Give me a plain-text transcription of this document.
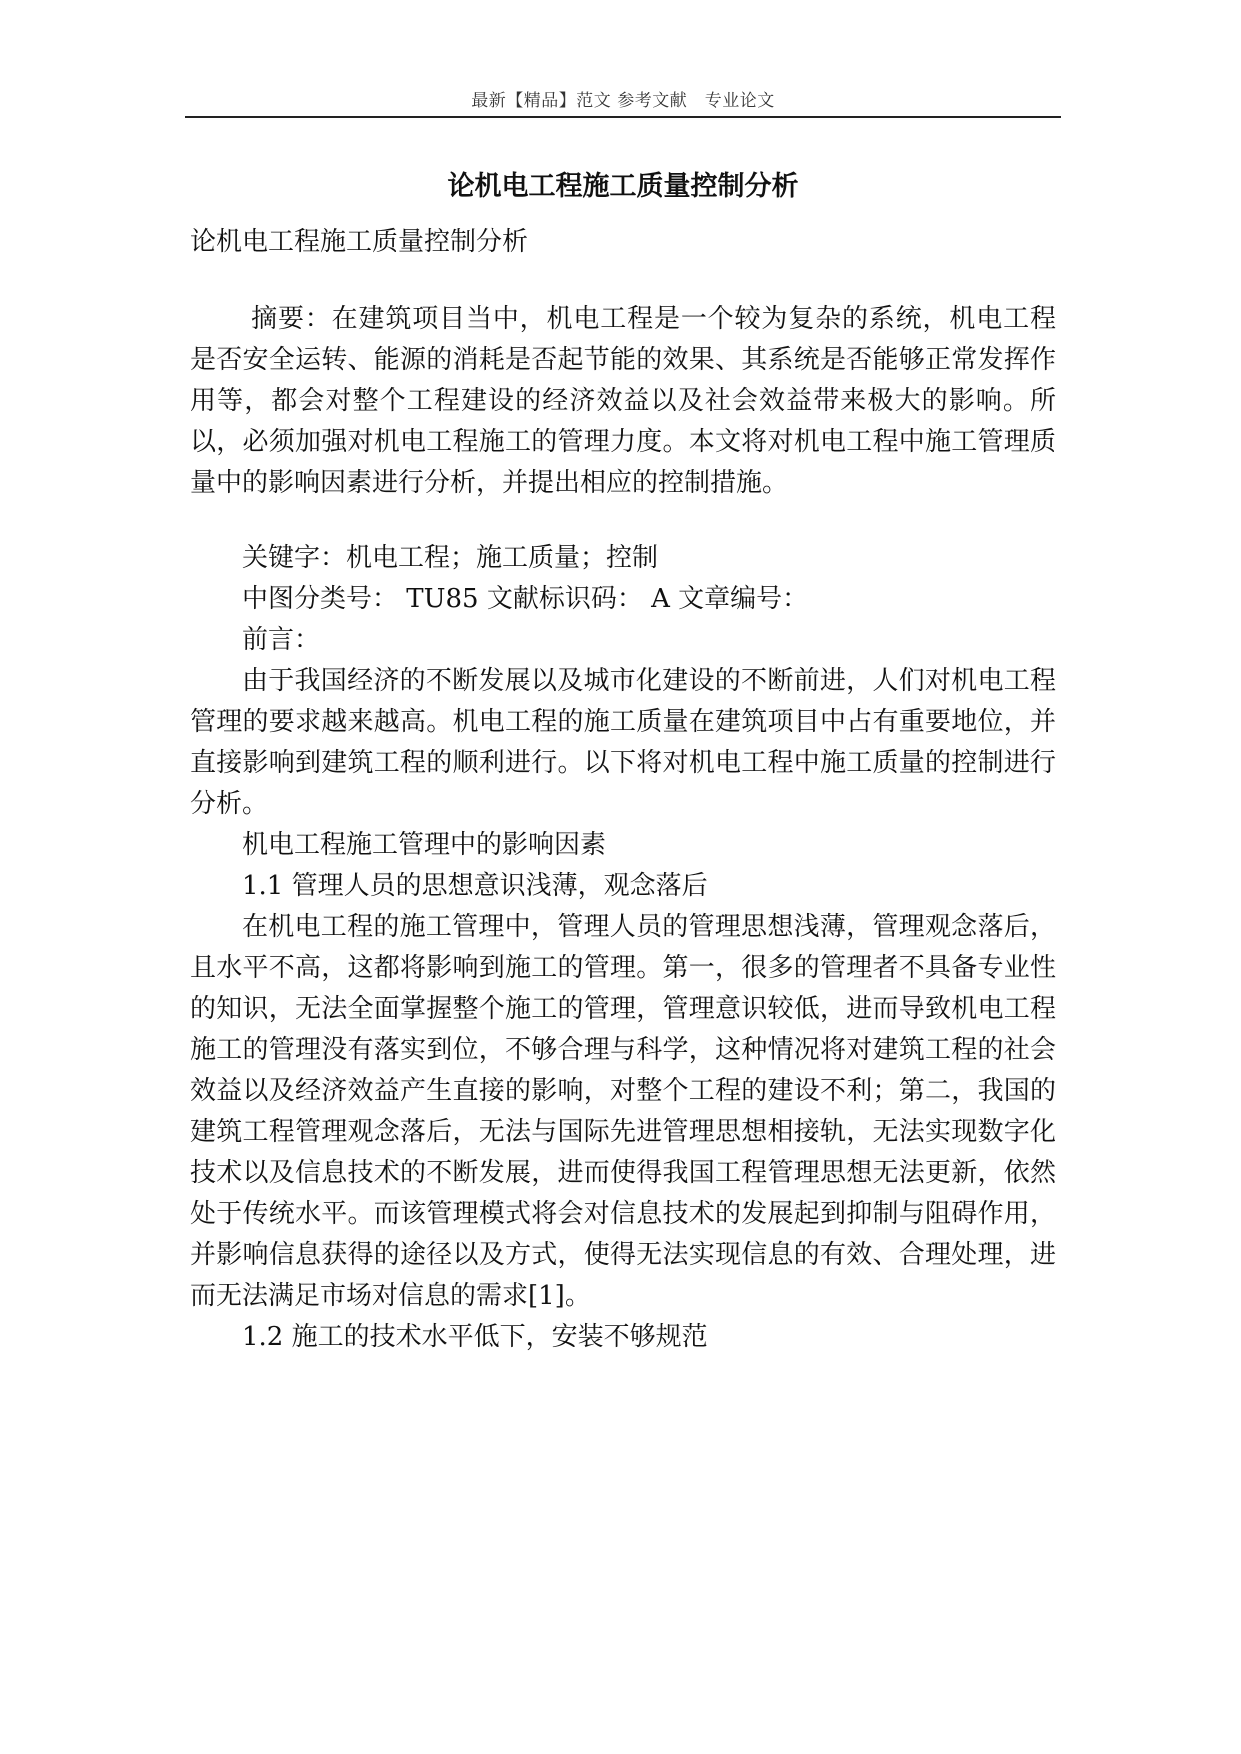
最新【精品】范文 参考文献　专业论文
论机电工程施工质量控制分析

论机电工程施工质量控制分析

摘要：在建筑项目当中，机电工程是一个较为复杂的系统，机电工程是否安全运转、能源的消耗是否起节能的效果、其系统是否能够正常发挥作用等，都会对整个工程建设的经济效益以及社会效益带来极大的影响。所以，必须加强对机电工程施工的管理力度。本文将对机电工程中施工管理质量中的影响因素进行分析，并提出相应的控制措施。

关键字：机电工程；施工质量；控制

中图分类号： TU85 文献标识码： A 文章编号：

前言：

由于我国经济的不断发展以及城市化建设的不断前进，人们对机电工程管理的要求越来越高。机电工程的施工质量在建筑项目中占有重要地位，并直接影响到建筑工程的顺利进行。以下将对机电工程中施工质量的控制进行分析。

机电工程施工管理中的影响因素

1.1 管理人员的思想意识浅薄，观念落后

在机电工程的施工管理中，管理人员的管理思想浅薄，管理观念落后，且水平不高，这都将影响到施工的管理。第一，很多的管理者不具备专业性的知识，无法全面掌握整个施工的管理，管理意识较低，进而导致机电工程施工的管理没有落实到位，不够合理与科学，这种情况将对建筑工程的社会效益以及经济效益产生直接的影响，对整个工程的建设不利；第二，我国的建筑工程管理观念落后，无法与国际先进管理思想相接轨，无法实现数字化技术以及信息技术的不断发展，进而使得我国工程管理思想无法更新，依然处于传统水平。而该管理模式将会对信息技术的发展起到抑制与阻碍作用，并影响信息获得的途径以及方式，使得无法实现信息的有效、合理处理，进而无法满足市场对信息的需求[1]。

1.2 施工的技术水平低下，安装不够规范
